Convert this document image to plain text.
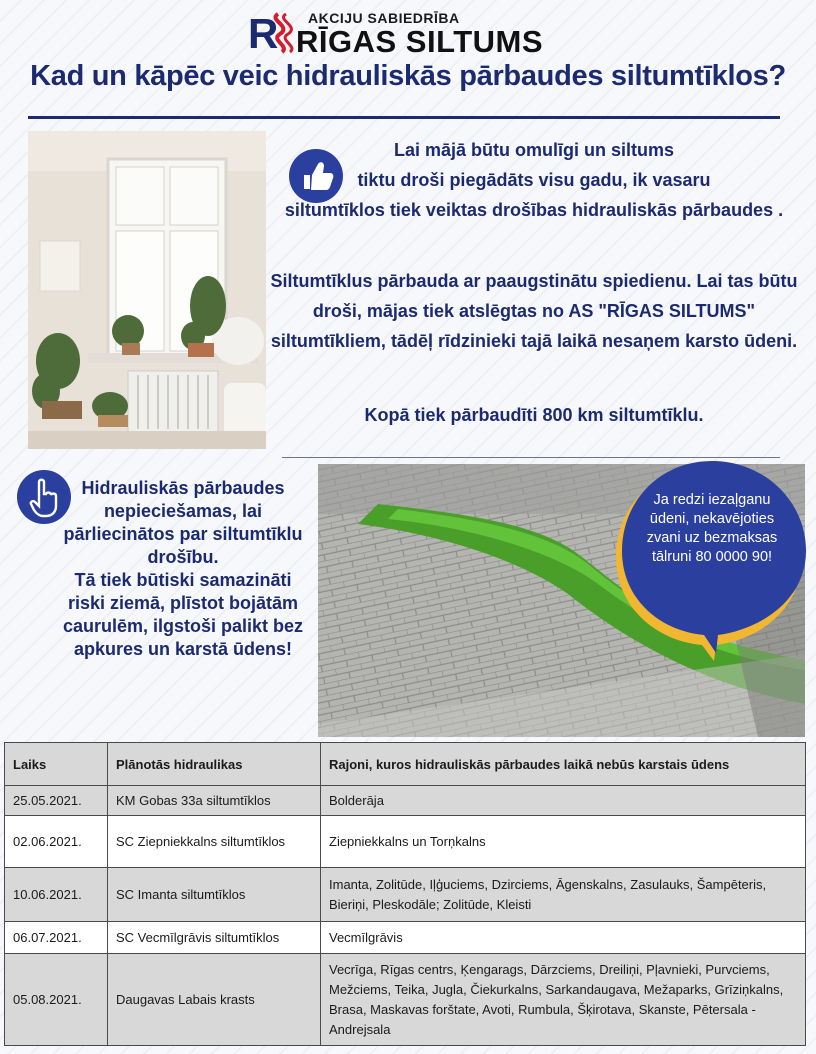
R AKCIJU SABIEDRĪBA
RĪGAS SILTUMS
Kad un kāpēc veic hidrauliskās pārbaudes siltumtīklos?
Lai mājā būtu omulīgi un siltums
tiktu droši piegādāts visu gadu, ik vasaru
siltumtīklos tiek veiktas drošības hidrauliskās pārbaudes .
Siltumtīklus pārbauda ar paaugstinātu spiedienu. Lai tas būtu
droši, mājas tiek atslēgtas no AS "RĪGAS SILTUMS"
siltumtīkliem, tādēļ rīdzinieki tajā laikā nesaņem karsto ūdeni.
Kopā tiek pārbaudīti 800 km siltumtīklu.
Hidrauliskās pārbaudes
nepieciešamas, lai
pārliecinātos par siltumtīklu
drošību.
Tā tiek būtiski samazināti
riski ziemā, plīstot bojātām
caurulēm, ilgstoši palikt bez
apkures un karstā ūdens!
Ja redzi iezaļganu
ūdeni, nekavējoties
zvani uz bezmaksas
tālruni 80 0000 90!
Laiks	Plānotās hidraulikas	Rajoni, kuros hidrauliskās pārbaudes laikā nebūs karstais ūdens
25.05.2021.	KM Gobas 33a siltumtīklos	Bolderāja
02.06.2021.	SC Ziepniekkalns siltumtīklos	Ziepniekkalns un Torņkalns
10.06.2021.	SC Imanta siltumtīklos	Imanta, Zolitūde, Iļģuciems, Dzirciems, Āgenskalns, Zasulauks, Šampēteris, Bieriņi, Pleskodāle; Zolitūde, Kleisti
06.07.2021.	SC Vecmīlgrāvis siltumtīklos	Vecmīlgrāvis
05.08.2021.	Daugavas Labais krasts	Vecrīga, Rīgas centrs, Ķengarags, Dārzciems, Dreiliņi, Pļavnieki, Purvciems, Mežciems, Teika, Jugla, Čiekurkalns, Sarkandaugava, Mežaparks, Grīziņkalns, Brasa, Maskavas forštate, Avoti, Rumbula, Šķirotava, Skanste, Pētersala - Andrejsala
